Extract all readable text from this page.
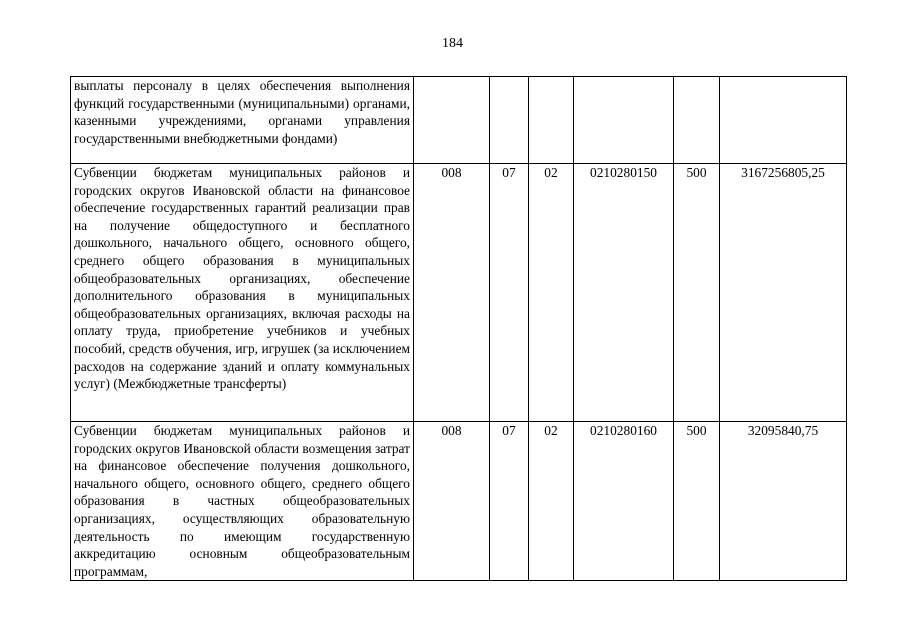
184
выплаты персоналу в целях обеспечения выполнения функций государственными (муниципальными) органами, казенными учреждениями, органами управления государственными внебюджетными фондами)						
Субвенции бюджетам муниципальных районов и городских округов Ивановской области на финансовое обеспечение государственных гарантий реализации прав на получение общедоступного и бесплатного дошкольного, начального общего, основного общего, среднего общего образования в муниципальных общеобразовательных организациях, обеспечение дополнительного образования в муниципальных общеобразовательных организациях, включая расходы на оплату труда, приобретение учебников и учебных пособий, средств обучения, игр, игрушек (за исключением расходов на содержание зданий и оплату коммунальных услуг) (Межбюджетные трансферты)	008	07	02	0210280150	500	3167256805,25
Субвенции бюджетам муниципальных районов и городских округов Ивановской области возмещения затрат на финансовое обеспечение получения дошкольного, начального общего, основного общего, среднего общего образования в частных общеобразовательных организациях, осуществляющих образовательную деятельность по имеющим государственную аккредитацию основным общеобразовательным программам,	008	07	02	0210280160	500	32095840,75
